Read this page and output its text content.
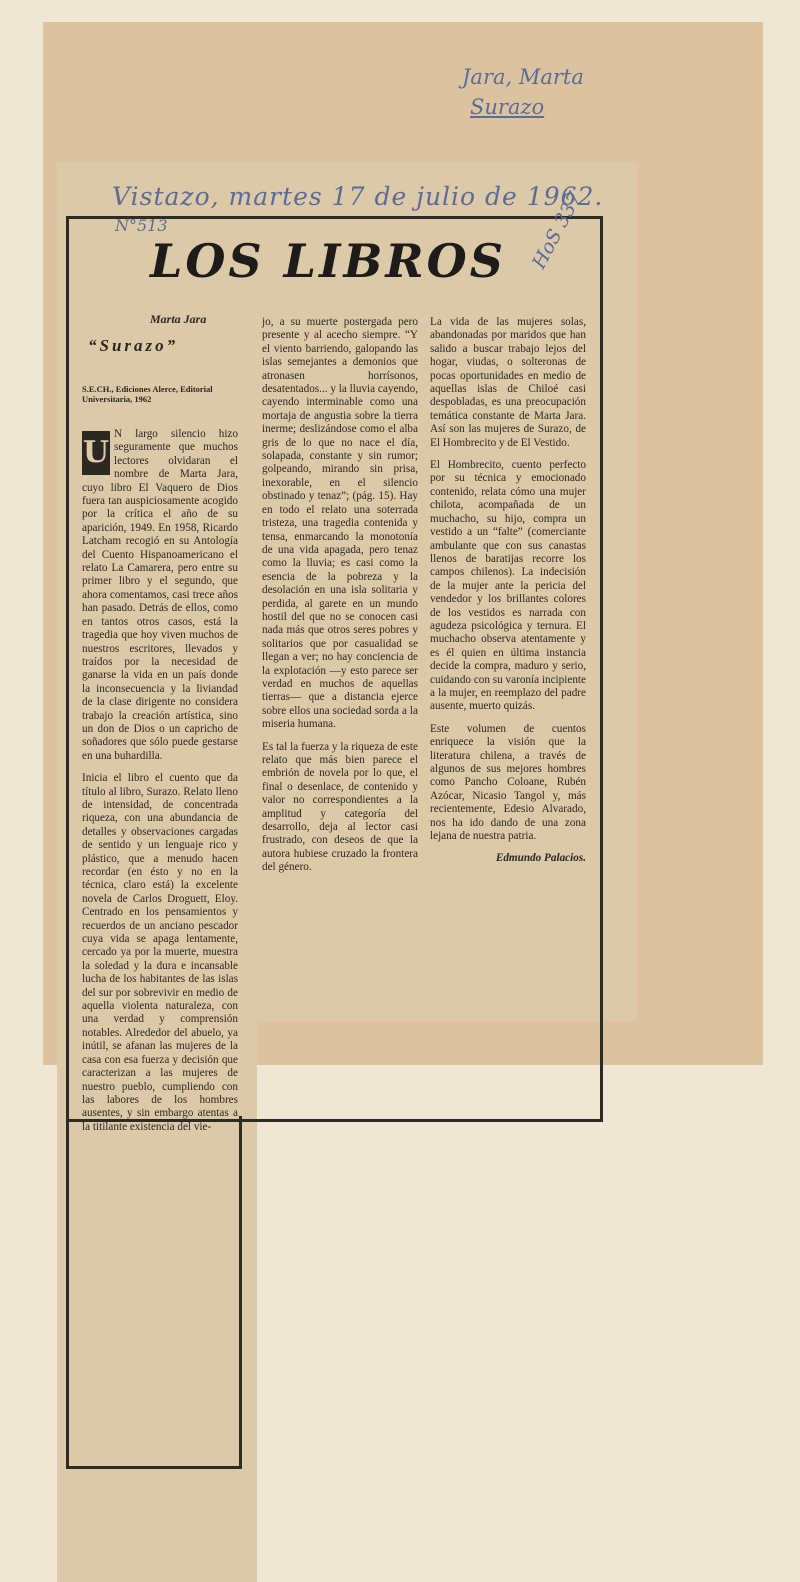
Jara, Marta
Surazo
Vistazo, martes 17 de julio de 1962.
N°513
LOS LIBROS HoS 337
Marta Jara
“Surazo”
S.E.CH., Ediciones Alerce, Editorial Universitaria, 1962

U
N largo silencio hizo seguramente que muchos lectores olvidaran el nombre de Marta Jara, cuyo libro El Vaquero de Dios fuera tan auspiciosamente acogido por la crítica el año de su aparición, 1949. En 1958, Ricardo Latcham recogió en su Antología del Cuento Hispanoamericano el relato La Camarera, pero entre su primer libro y el segundo, que ahora comentamos, casi trece años han pasado. Detrás de ellos, como en tantos otros casos, está la tragedia que hoy viven muchos de nuestros escritores, llevados y traídos por la necesidad de ganarse la vida en un país donde la inconsecuencia y la liviandad de la clase dirigente no considera trabajo la creación artística, sino un don de Dios o un capricho de soñadores que sólo puede gestarse en una buhardilla.

Inicia el libro el cuento que da título al libro, Surazo. Relato lleno de intensidad, de concentrada riqueza, con una abundancia de detalles y observaciones cargadas de sentido y un lenguaje rico y plástico, que a menudo hacen recordar (en ésto y no en la técnica, claro está) la excelente novela de Carlos Droguett, Eloy. Centrado en los pensamientos y recuerdos de un anciano pescador cuya vida se apaga lentamente, cercado ya por la muerte, muestra la soledad y la dura e incansable lucha de los habitantes de las islas del sur por sobrevivir en medio de aquella violenta naturaleza, con una verdad y comprensión notables. Alrededor del abuelo, ya inútil, se afanan las mujeres de la casa con esa fuerza y decisión que caracterizan a las mujeres de nuestro pueblo, cumpliendo con las labores de los hombres ausentes, y sin embargo atentas a la titilante existencia del vie-

jo, a su muerte postergada pero presente y al acecho siempre. “Y el viento barriendo, galopando las islas semejantes a demonios que atronasen horrísonos, desatentados... y la lluvia cayendo, cayendo interminable como una mortaja de angustia sobre la tierra inerme; deslizándose como el alba gris de lo que no nace el día, solapada, constante y sin rumor; golpeando, mirando sin prisa, inexorable, en el silencio obstinado y tenaz”; (pág. 15). Hay en todo el relato una soterrada tristeza, una tragedia contenida y tensa, enmarcando la monotonía de una vida apagada, pero tenaz como la lluvia; es casi como la esencia de la pobreza y la desolación en una isla solitaria y perdida, al garete en un mundo hostil del que no se conocen casi nada más que otros seres pobres y solitarios que por casualidad se llegan a ver; no hay conciencia de la explotación —y esto parece ser verdad en muchos de aquellas tierras— que a distancia ejerce sobre ellos una sociedad sorda a la miseria humana.

Es tal la fuerza y la riqueza de este relato que más bien parece el embrión de novela por lo que, el final o desenlace, de contenido y valor no correspondientes a la amplitud y categoría del desarrollo, deja al lector casi frustrado, con deseos de que la autora hubiese cruzado la frontera del género.

La vida de las mujeres solas, abandonadas por maridos que han salido a buscar trabajo lejos del hogar, viudas, o solteronas de pocas oportunidades en medio de aquellas islas de Chiloé casi despobladas, es una preocupación temática constante de Marta Jara. Así son las mujeres de Surazo, de El Hombrecito y de El Vestido.

El Hombrecito, cuento perfecto por su técnica y emocionado contenido, relata cómo una mujer chilota, acompañada de un muchacho, su hijo, compra un vestido a un “falte” (comerciante ambulante que con sus canastas llenos de baratijas recorre los campos chilenos). La indecisión de la mujer ante la pericia del vendedor y los brillantes colores de los vestidos es narrada con agudeza psicológica y ternura. El muchacho observa atentamente y es él quien en última instancia decide la compra, maduro y serio, cuidando con su varonía incipiente a la mujer, en reemplazo del padre ausente, muerto quizás.

Este volumen de cuentos enriquece la visión que la literatura chilena, a través de algunos de sus mejores hombres como Pancho Coloane, Rubén Azócar, Nicasio Tangol y, más recientemente, Edesio Alvarado, nos ha ido dando de una zona lejana de nuestra patria.

Edmundo Palacios.
